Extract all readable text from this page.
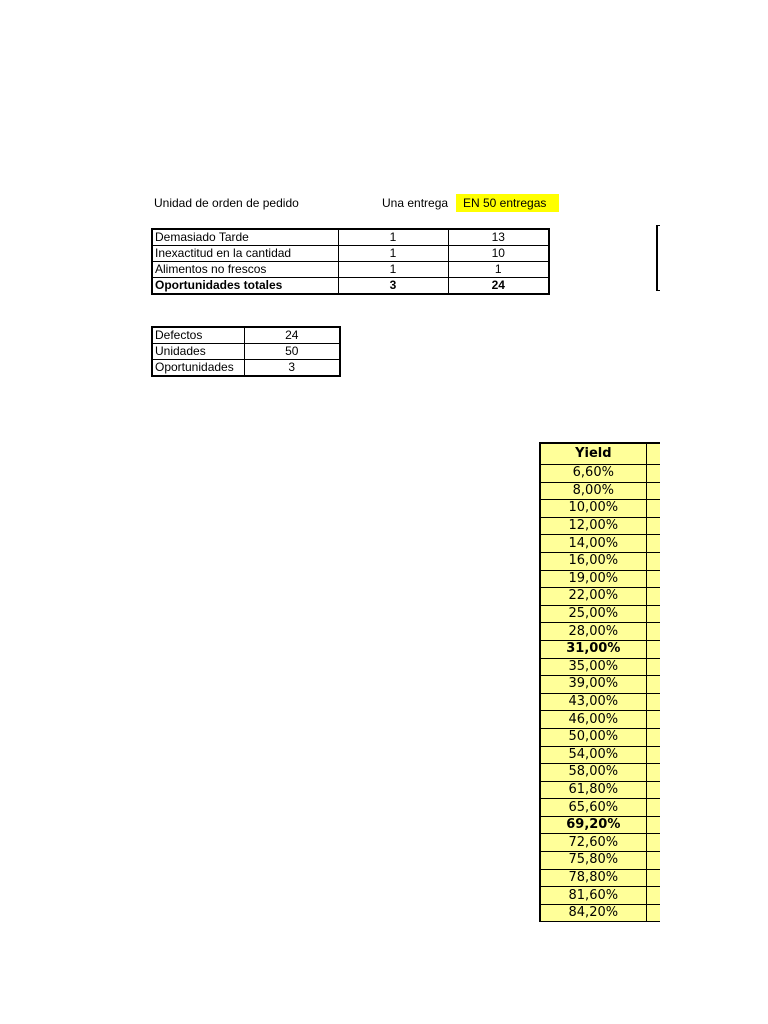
Unidad de orden de pedido	Una entrega	EN 50 entregas
Demasiado Tarde	1	13
Inexactitud en la cantidad	1	10
Alimentos no frescos	1	1
Oportunidades totales	3	24
Defectos	24
Unidades	50
Oportunidades	3
Yield	
6,60%	
8,00%	
10,00%	
12,00%	
14,00%	
16,00%	
19,00%	
22,00%	
25,00%	
28,00%	
31,00%	
35,00%	
39,00%	
43,00%	
46,00%	
50,00%	
54,00%	
58,00%	
61,80%	
65,60%	
69,20%	
72,60%	
75,80%	
78,80%	
81,60%	
84,20%	
